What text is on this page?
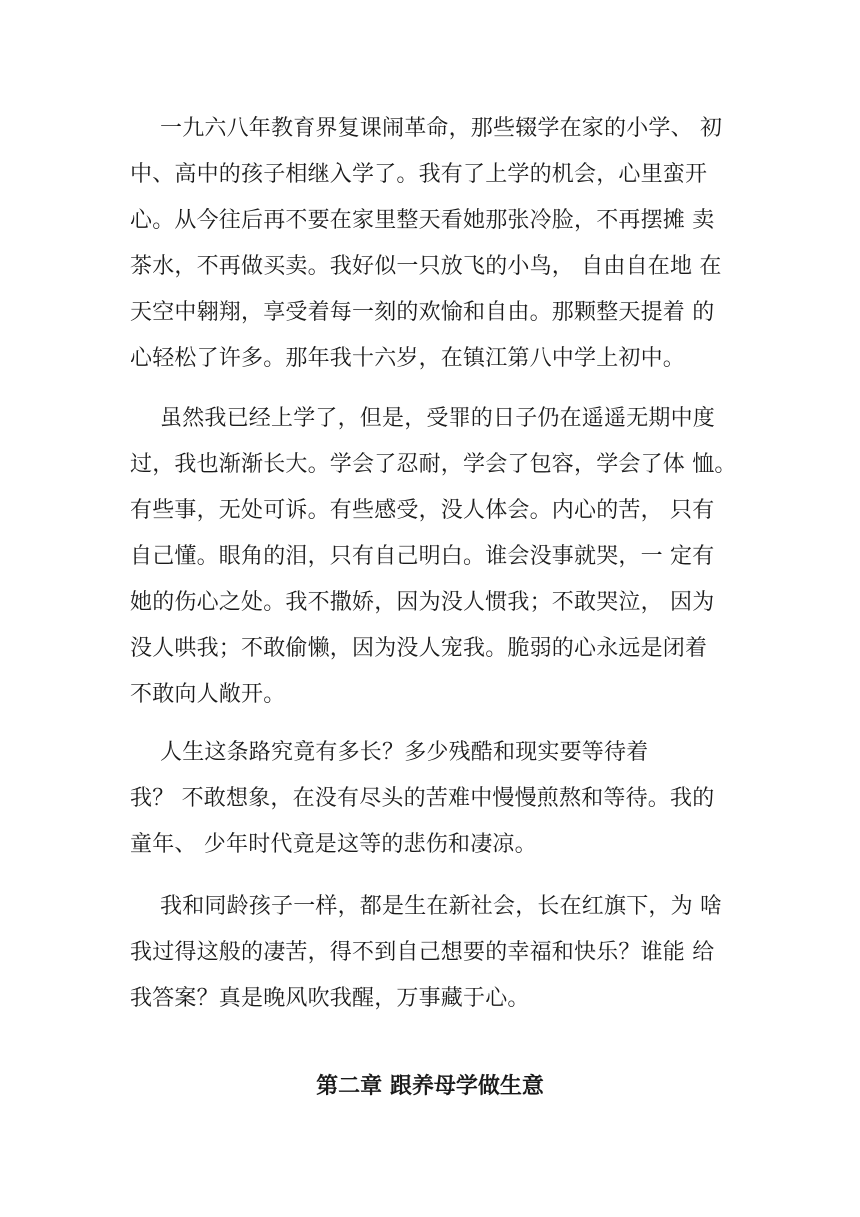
一九六八年教育界复课闹革命，那些辍学在家的小学、 初
中、高中的孩子相继入学了。我有了上学的机会，心里蛮开
心。从今往后再不要在家里整天看她那张冷脸，不再摆摊 卖
茶水，不再做买卖。我好似一只放飞的小鸟， 自由自在地 在
天空中翱翔，享受着每一刻的欢愉和自由。那颗整天提着 的
心轻松了许多。那年我十六岁，在镇江第八中学上初中。
虽然我已经上学了，但是，受罪的日子仍在遥遥无期中度
过，我也渐渐长大。学会了忍耐，学会了包容，学会了体 恤。
有些事，无处可诉。有些感受，没人体会。内心的苦， 只有
自己懂。眼角的泪，只有自己明白。谁会没事就哭，一 定有
她的伤心之处。我不撒娇，因为没人惯我；不敢哭泣， 因为
没人哄我；不敢偷懒，因为没人宠我。脆弱的心永远是闭着
不敢向人敞开。
人生这条路究竟有多长？多少残酷和现实要等待着
我？ 不敢想象，在没有尽头的苦难中慢慢煎熬和等待。我的
童年、 少年时代竟是这等的悲伤和凄凉。
我和同龄孩子一样，都是生在新社会，长在红旗下，为 啥
我过得这般的凄苦，得不到自己想要的幸福和快乐？谁能 给
我答案？真是晚风吹我醒，万事藏于心。
第二章 跟养母学做生意
